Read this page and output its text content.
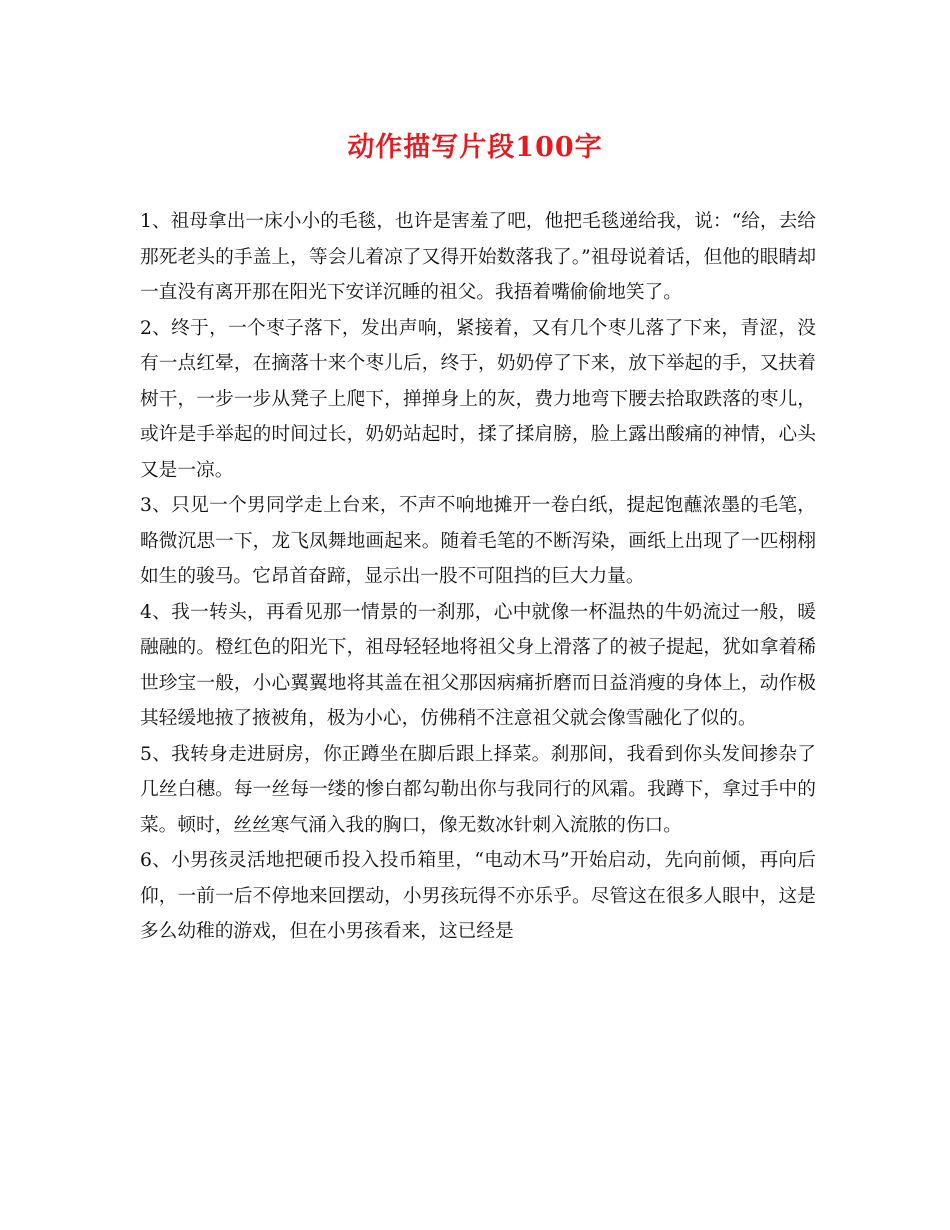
动作描写片段100字

1、祖母拿出一床小小的毛毯，也许是害羞了吧，他把毛毯递给我，说：“给，去给那死老头的手盖上，等会儿着凉了又得开始数落我了。”祖母说着话，但他的眼睛却一直没有离开那在阳光下安详沉睡的祖父。我捂着嘴偷偷地笑了。

2、终于，一个枣子落下，发出声响，紧接着，又有几个枣儿落了下来，青涩，没有一点红晕，在摘落十来个枣儿后，终于，奶奶停了下来，放下举起的手，又扶着树干，一步一步从凳子上爬下，掸掸身上的灰，费力地弯下腰去拾取跌落的枣儿，或许是手举起的时间过长，奶奶站起时，揉了揉肩膀，脸上露出酸痛的神情，心头又是一凉。

3、只见一个男同学走上台来，不声不响地摊开一卷白纸，提起饱蘸浓墨的毛笔，略微沉思一下，龙飞凤舞地画起来。随着毛笔的不断泻染，画纸上出现了一匹栩栩如生的骏马。它昂首奋蹄，显示出一股不可阻挡的巨大力量。

4、我一转头，再看见那一情景的一刹那，心中就像一杯温热的牛奶流过一般，暖融融的。橙红色的阳光下，祖母轻轻地将祖父身上滑落了的被子提起，犹如拿着稀世珍宝一般，小心翼翼地将其盖在祖父那因病痛折磨而日益消瘦的身体上，动作极其轻缓地掖了掖被角，极为小心，仿佛稍不注意祖父就会像雪融化了似的。

5、我转身走进厨房，你正蹲坐在脚后跟上择菜。刹那间，我看到你头发间掺杂了几丝白穗。每一丝每一缕的惨白都勾勒出你与我同行的风霜。我蹲下，拿过手中的菜。顿时，丝丝寒气涌入我的胸口，像无数冰针刺入流脓的伤口。

6、小男孩灵活地把硬币投入投币箱里，“电动木马”开始启动，先向前倾，再向后仰，一前一后不停地来回摆动，小男孩玩得不亦乐乎。尽管这在很多人眼中，这是多么幼稚的游戏，但在小男孩看来，这已经是
